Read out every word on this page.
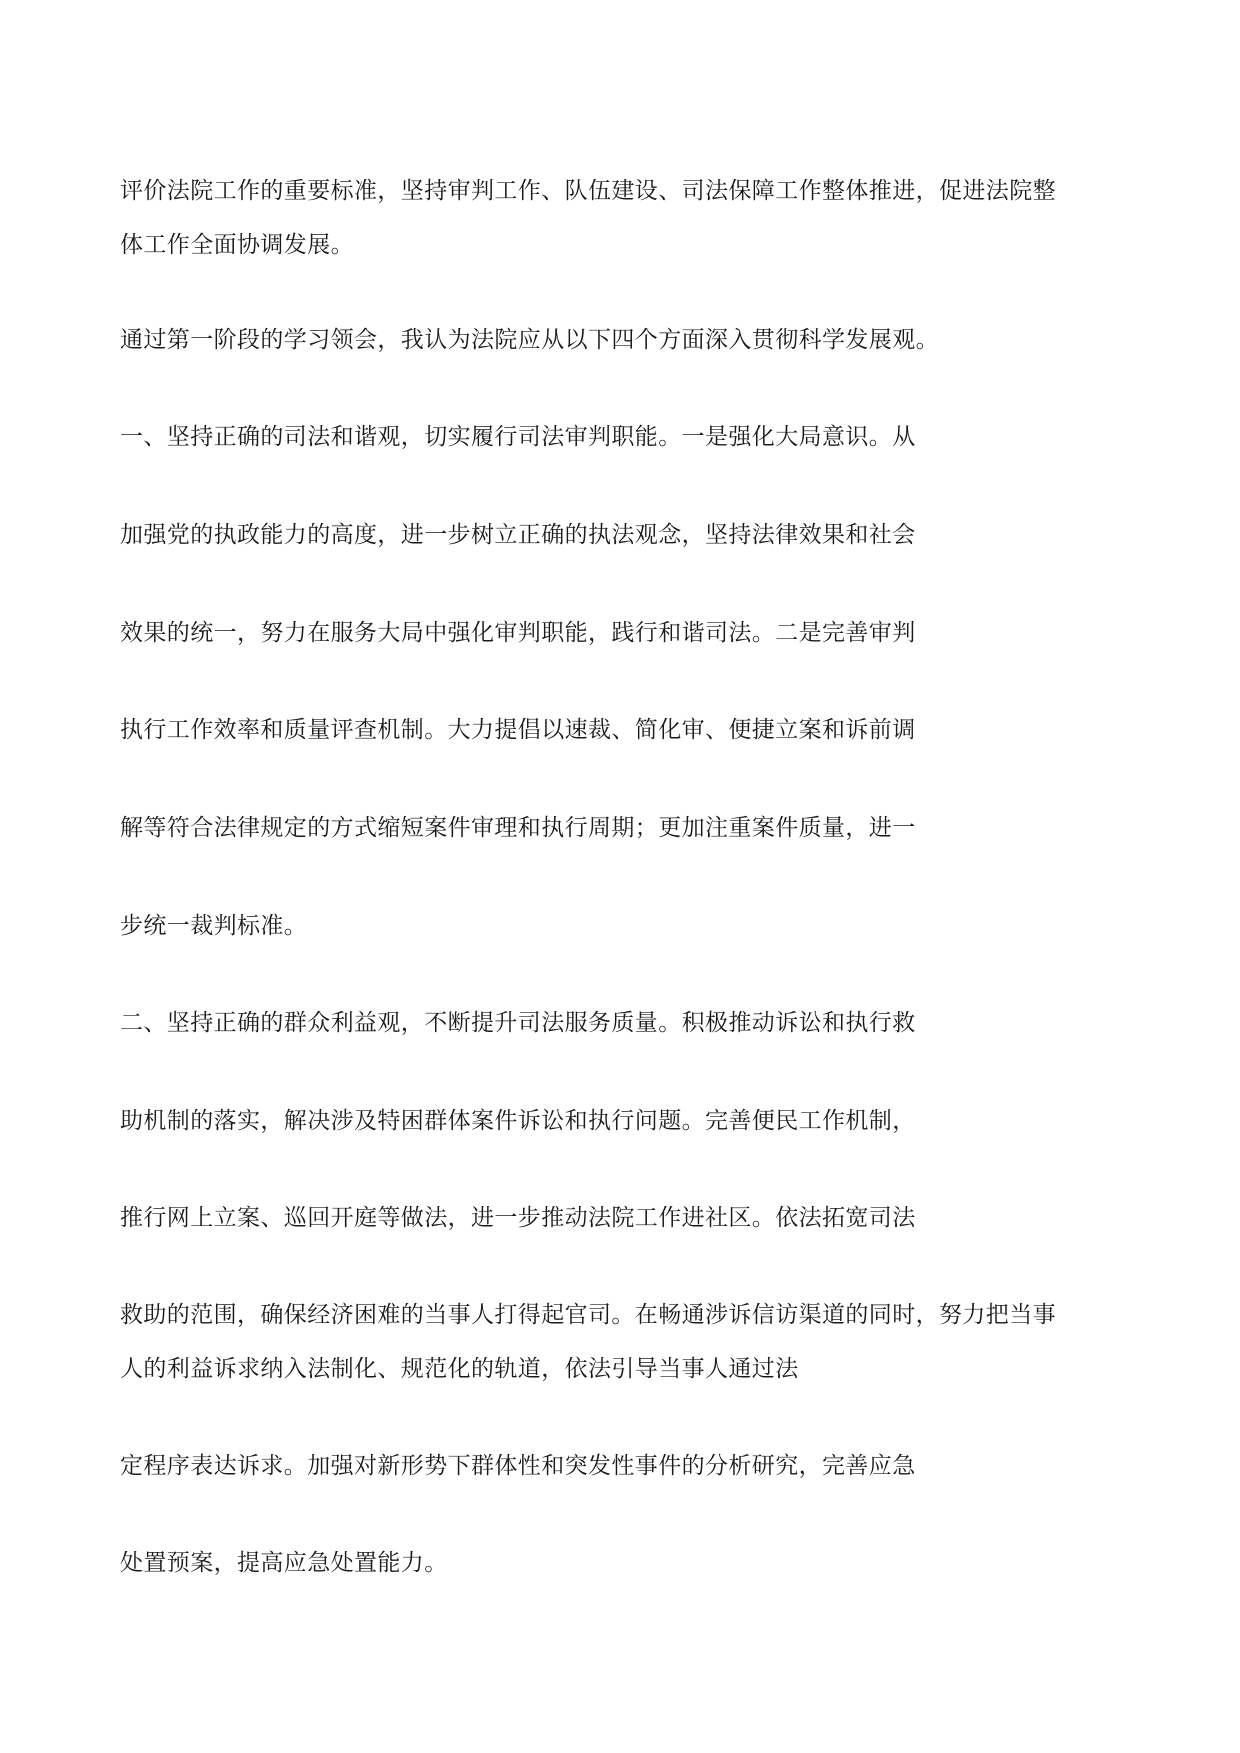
评价法院工作的重要标准，坚持审判工作、队伍建设、司法保障工作整体推进，促进法院整

体工作全面协调发展。

通过第一阶段的学习领会，我认为法院应从以下四个方面深入贯彻科学发展观。

一、坚持正确的司法和谐观，切实履行司法审判职能。一是强化大局意识。从

加强党的执政能力的高度，进一步树立正确的执法观念，坚持法律效果和社会

效果的统一，努力在服务大局中强化审判职能，践行和谐司法。二是完善审判

执行工作效率和质量评查机制。大力提倡以速裁、简化审、便捷立案和诉前调

解等符合法律规定的方式缩短案件审理和执行周期；更加注重案件质量，进一

步统一裁判标准。

二、坚持正确的群众利益观，不断提升司法服务质量。积极推动诉讼和执行救

助机制的落实，解决涉及特困群体案件诉讼和执行问题。完善便民工作机制，

推行网上立案、巡回开庭等做法，进一步推动法院工作进社区。依法拓宽司法

救助的范围，确保经济困难的当事人打得起官司。在畅通涉诉信访渠道的同时，努力把当事

人的利益诉求纳入法制化、规范化的轨道，依法引导当事人通过法

定程序表达诉求。加强对新形势下群体性和突发性事件的分析研究，完善应急

处置预案，提高应急处置能力。
